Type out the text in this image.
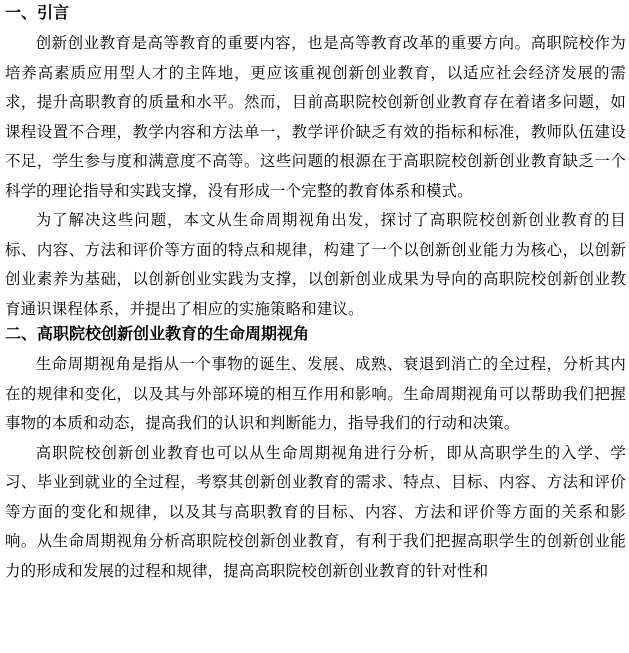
一、引言

创新创业教育是高等教育的重要内容，也是高等教育改革的重要方向。高职院校作为培养高素质应用型人才的主阵地，更应该重视创新创业教育，以适应社会经济发展的需求，提升高职教育的质量和水平。然而，目前高职院校创新创业教育存在着诸多问题，如课程设置不合理，教学内容和方法单一，教学评价缺乏有效的指标和标准，教师队伍建设不足，学生参与度和满意度不高等。这些问题的根源在于高职院校创新创业教育缺乏一个科学的理论指导和实践支撑，没有形成一个完整的教育体系和模式。

为了解决这些问题，本文从生命周期视角出发，探讨了高职院校创新创业教育的目标、内容、方法和评价等方面的特点和规律，构建了一个以创新创业能力为核心，以创新创业素养为基础，以创新创业实践为支撑，以创新创业成果为导向的高职院校创新创业教育通识课程体系，并提出了相应的实施策略和建议。

二、高职院校创新创业教育的生命周期视角

生命周期视角是指从一个事物的诞生、发展、成熟、衰退到消亡的全过程，分析其内在的规律和变化，以及其与外部环境的相互作用和影响。生命周期视角可以帮助我们把握事物的本质和动态，提高我们的认识和判断能力，指导我们的行动和决策。

高职院校创新创业教育也可以从生命周期视角进行分析，即从高职学生的入学、学习、毕业到就业的全过程，考察其创新创业教育的需求、特点、目标、内容、方法和评价等方面的变化和规律，以及其与高职教育的目标、内容、方法和评价等方面的关系和影响。从生命周期视角分析高职院校创新创业教育，有利于我们把握高职学生的创新创业能力的形成和发展的过程和规律，提高高职院校创新创业教育的针对性和
